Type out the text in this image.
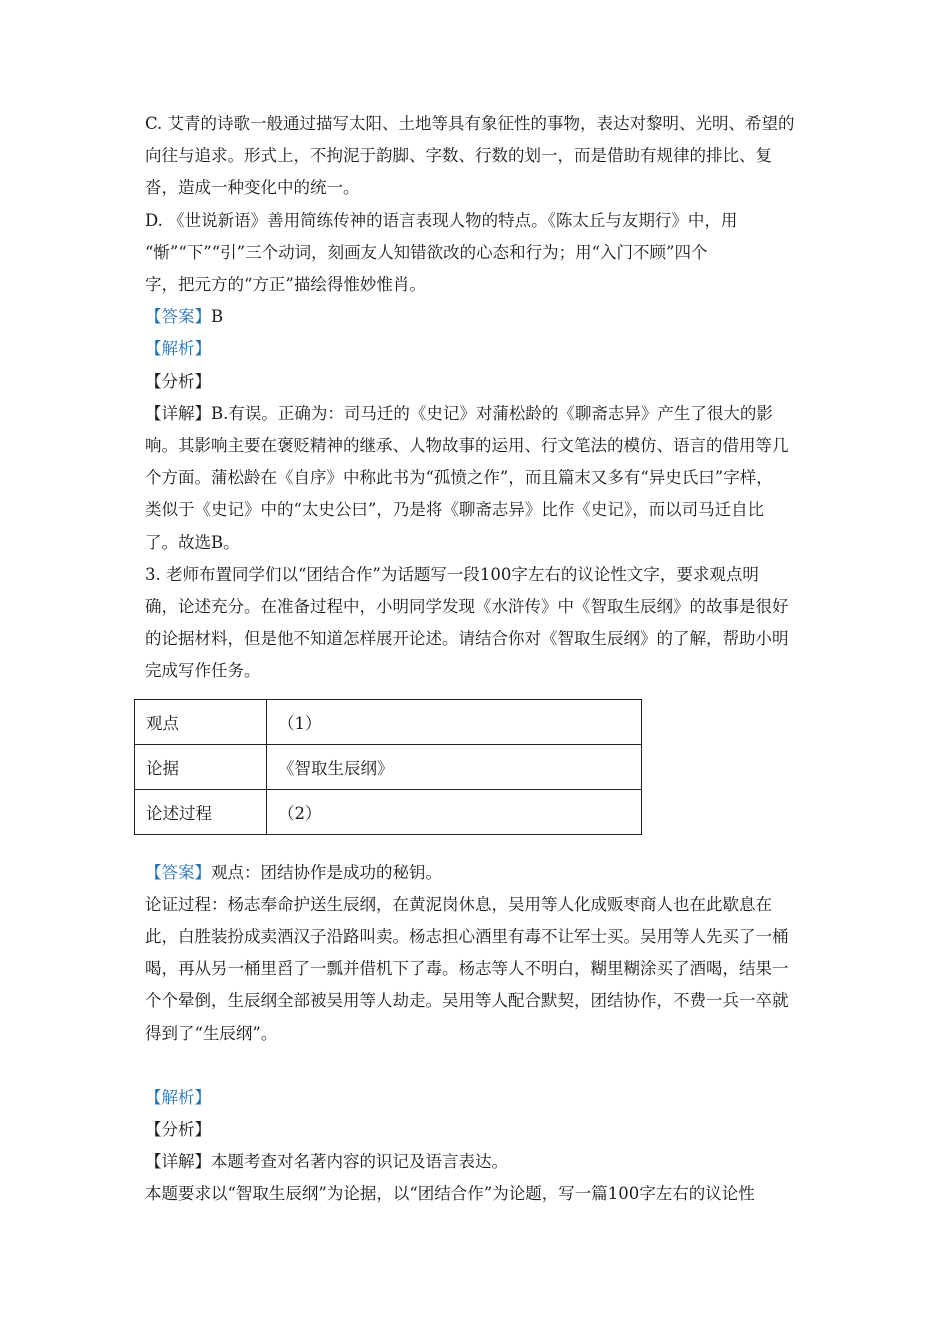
C. 艾青的诗歌一般通过描写太阳、土地等具有象征性的事物，表达对黎明、光明、希望的

向往与追求。形式上，不拘泥于韵脚、字数、行数的划一，而是借助有规律的排比、复

沓，造成一种变化中的统一。

D. 《世说新语》善用简练传神的语言表现人物的特点。《陈太丘与友期行》中，用

“惭”“下”“引”三个动词，刻画友人知错欲改的心态和行为；用“入门不顾”四个

字，把元方的“方正”描绘得惟妙惟肖。

【答案】B

【解析】

【分析】

【详解】B.有误。正确为：司马迁的《史记》对蒲松龄的《聊斋志异》产生了很大的影

响。其影响主要在褒贬精神的继承、人物故事的运用、行文笔法的模仿、语言的借用等几

个方面。蒲松龄在《自序》中称此书为“孤愤之作”，而且篇末又多有“异史氏曰”字样，

类似于《史记》中的“太史公曰”，乃是将《聊斋志异》比作《史记》，而以司马迁自比

了。故选B。

3. 老师布置同学们以“团结合作”为话题写一段100字左右的议论性文字，要求观点明

确，论述充分。在准备过程中，小明同学发现《水浒传》中《智取生辰纲》的故事是很好

的论据材料，但是他不知道怎样展开论述。请结合你对《智取生辰纲》的了解，帮助小明

完成写作任务。

观点	（1）
论据	《智取生辰纲》
论述过程	（2）

【答案】观点：团结协作是成功的秘钥。

论证过程：杨志奉命护送生辰纲，在黄泥岗休息，吴用等人化成贩枣商人也在此歇息在

此，白胜装扮成卖酒汉子沿路叫卖。杨志担心酒里有毒不让军士买。吴用等人先买了一桶

喝，再从另一桶里舀了一瓢并借机下了毒。杨志等人不明白，糊里糊涂买了酒喝，结果一

个个晕倒，生辰纲全部被吴用等人劫走。吴用等人配合默契，团结协作，不费一兵一卒就

得到了“生辰纲”。

【解析】

【分析】

【详解】本题考查对名著内容的识记及语言表达。

本题要求以“智取生辰纲”为论据，以“团结合作”为论题，写一篇100字左右的议论性
